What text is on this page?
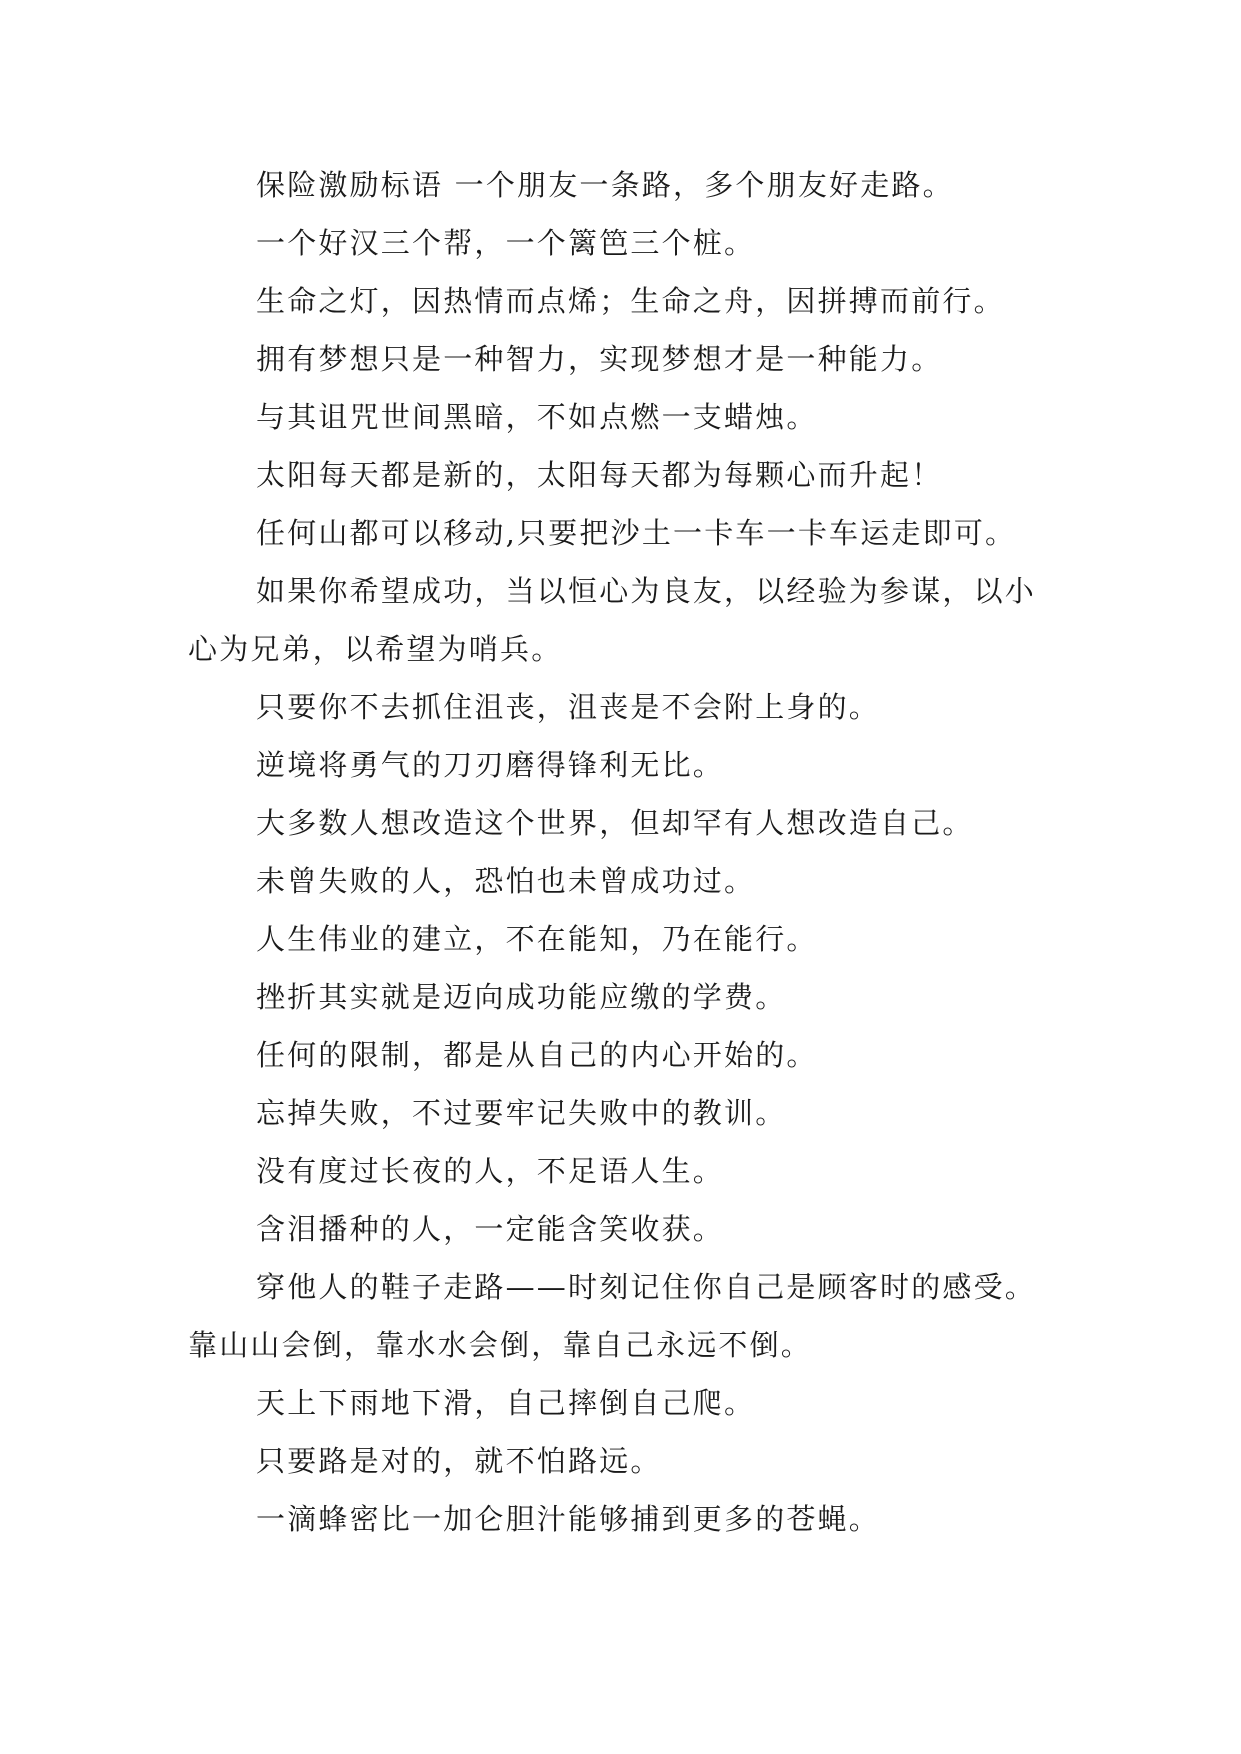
保险激励标语 一个朋友一条路，多个朋友好走路。

一个好汉三个帮，一个篱笆三个桩。

生命之灯，因热情而点烯；生命之舟，因拼搏而前行。

拥有梦想只是一种智力，实现梦想才是一种能力。

与其诅咒世间黑暗，不如点燃一支蜡烛。

太阳每天都是新的，太阳每天都为每颗心而升起！

任何山都可以移动,只要把沙土一卡车一卡车运走即可。

如果你希望成功，当以恒心为良友，以经验为参谋，以小心为兄弟，以希望为哨兵。

只要你不去抓住沮丧，沮丧是不会附上身的。

逆境将勇气的刀刃磨得锋利无比。

大多数人想改造这个世界，但却罕有人想改造自己。

未曾失败的人，恐怕也未曾成功过。

人生伟业的建立，不在能知，乃在能行。

挫折其实就是迈向成功能应缴的学费。

任何的限制，都是从自己的内心开始的。

忘掉失败，不过要牢记失败中的教训。

没有度过长夜的人，不足语人生。

含泪播种的人，一定能含笑收获。

穿他人的鞋子走路——时刻记住你自己是顾客时的感受。靠山山会倒，靠水水会倒，靠自己永远不倒。

天上下雨地下滑，自己摔倒自己爬。

只要路是对的，就不怕路远。

一滴蜂密比一加仑胆汁能够捕到更多的苍蝇。
